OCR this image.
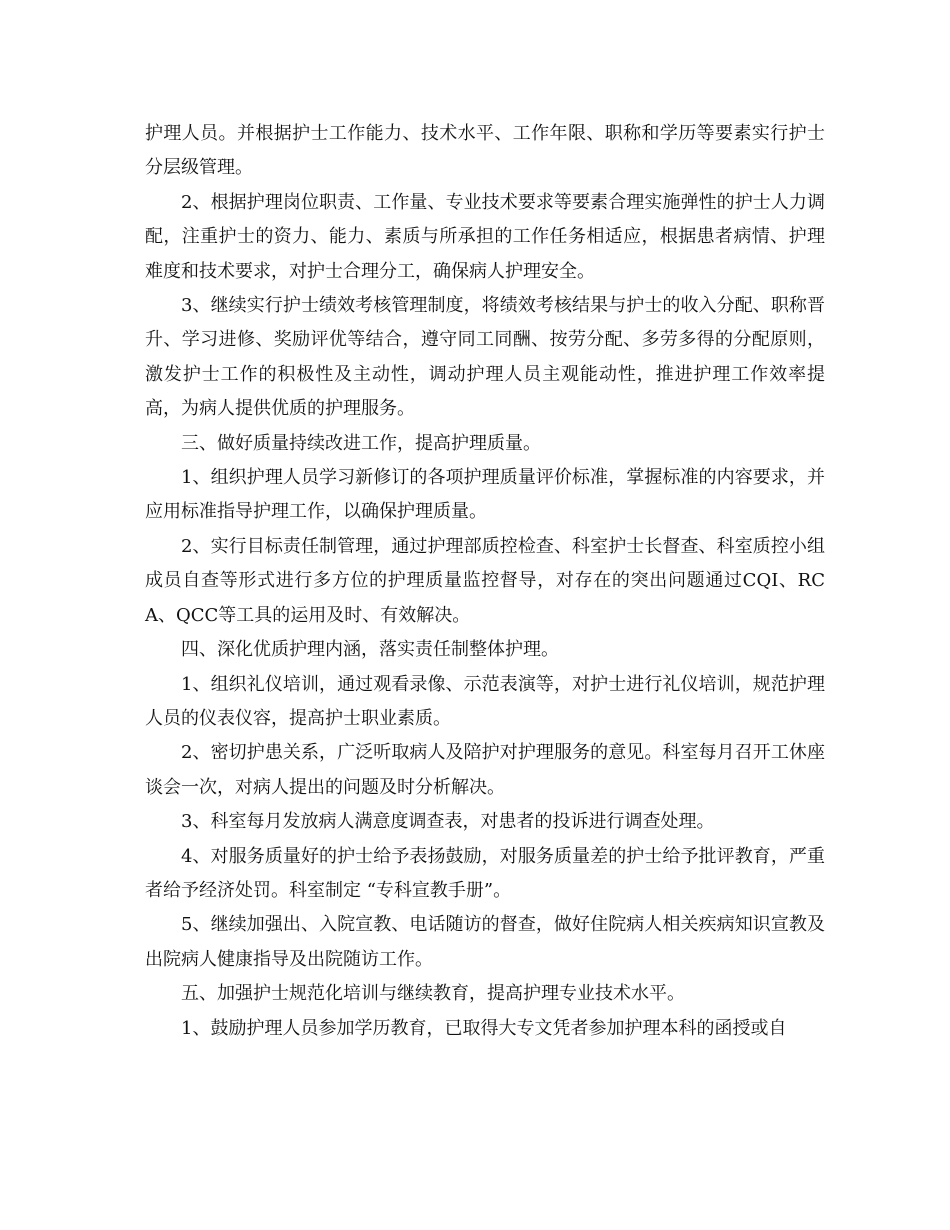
护理人员。并根据护士工作能力、技术水平、工作年限、职称和学历等要素实行护士分层级管理。

2、根据护理岗位职责、工作量、专业技术要求等要素合理实施弹性的护士人力调配，注重护士的资力、能力、素质与所承担的工作任务相适应，根据患者病情、护理难度和技术要求，对护士合理分工，确保病人护理安全。

3、继续实行护士绩效考核管理制度，将绩效考核结果与护士的收入分配、职称晋升、学习进修、奖励评优等结合，遵守同工同酬、按劳分配、多劳多得的分配原则，激发护士工作的积极性及主动性，调动护理人员主观能动性，推进护理工作效率提高，为病人提供优质的护理服务。

三、做好质量持续改进工作，提高护理质量。

1、组织护理人员学习新修订的各项护理质量评价标准，掌握标准的内容要求，并应用标准指导护理工作，以确保护理质量。

2、实行目标责任制管理，通过护理部质控检查、科室护士长督查、科室质控小组成员自查等形式进行多方位的护理质量监控督导，对存在的突出问题通过CQI、RCA、QCC等工具的运用及时、有效解决。

四、深化优质护理内涵，落实责任制整体护理。

1、组织礼仪培训，通过观看录像、示范表演等，对护士进行礼仪培训，规范护理人员的仪表仪容，提高护士职业素质。

2、密切护患关系，广泛听取病人及陪护对护理服务的意见。科室每月召开工休座谈会一次，对病人提出的问题及时分析解决。

3、科室每月发放病人满意度调查表，对患者的投诉进行调查处理。

4、对服务质量好的护士给予表扬鼓励，对服务质量差的护士给予批评教育，严重者给予经济处罚。科室制定 “专科宣教手册”。

5、继续加强出、入院宣教、电话随访的督查，做好住院病人相关疾病知识宣教及出院病人健康指导及出院随访工作。

五、加强护士规范化培训与继续教育，提高护理专业技术水平。

1、鼓励护理人员参加学历教育，已取得大专文凭者参加护理本科的函授或自
